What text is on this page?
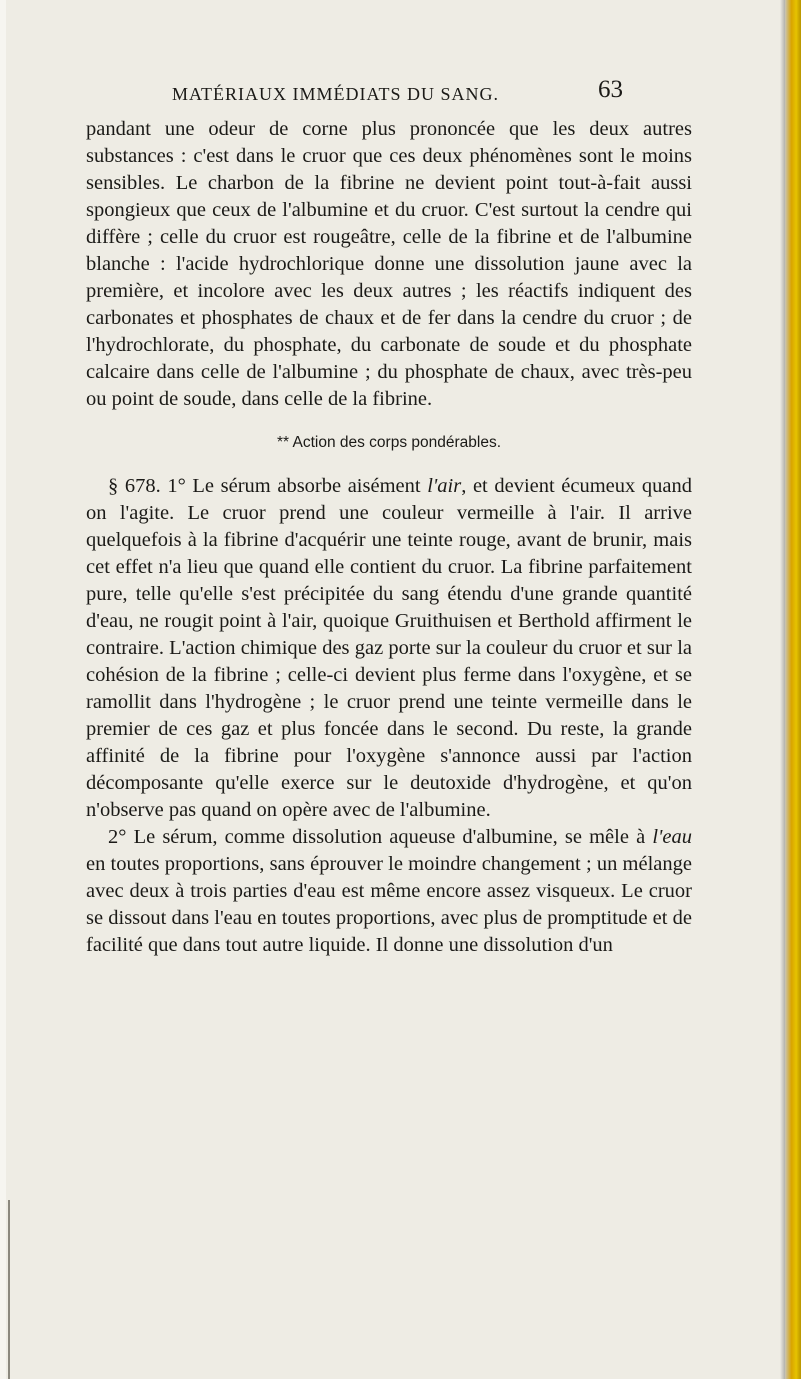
MATÉRIAUX IMMÉDIATS DU SANG.	63

pandant une odeur de corne plus prononcée que les deux autres substances : c'est dans le cruor que ces deux phénomènes sont le moins sensibles. Le charbon de la fibrine ne devient point tout-à-fait aussi spongieux que ceux de l'albumine et du cruor. C'est surtout la cendre qui diffère ; celle du cruor est rougeâtre, celle de la fibrine et de l'albumine blanche : l'acide hydrochlorique donne une dissolution jaune avec la première, et incolore avec les deux autres ; les réactifs indiquent des carbonates et phosphates de chaux et de fer dans la cendre du cruor ; de l'hydrochlorate, du phosphate, du carbonate de soude et du phosphate calcaire dans celle de l'albumine ; du phosphate de chaux, avec très-peu ou point de soude, dans celle de la fibrine.

** Action des corps pondérables.

§ 678. 1° Le sérum absorbe aisément l'air, et devient écumeux quand on l'agite. Le cruor prend une couleur vermeille à l'air. Il arrive quelquefois à la fibrine d'acquérir une teinte rouge, avant de brunir, mais cet effet n'a lieu que quand elle contient du cruor. La fibrine parfaitement pure, telle qu'elle s'est précipitée du sang étendu d'une grande quantité d'eau, ne rougit point à l'air, quoique Gruithuisen et Berthold affirment le contraire. L'action chimique des gaz porte sur la couleur du cruor et sur la cohésion de la fibrine ; celle-ci devient plus ferme dans l'oxygène, et se ramollit dans l'hydrogène ; le cruor prend une teinte vermeille dans le premier de ces gaz et plus foncée dans le second. Du reste, la grande affinité de la fibrine pour l'oxygène s'annonce aussi par l'action décomposante qu'elle exerce sur le deutoxide d'hydrogène, et qu'on n'observe pas quand on opère avec de l'albumine.

2° Le sérum, comme dissolution aqueuse d'albumine, se mêle à l'eau en toutes proportions, sans éprouver le moindre changement ; un mélange avec deux à trois parties d'eau est même encore assez visqueux. Le cruor se dissout dans l'eau en toutes proportions, avec plus de promptitude et de facilité que dans tout autre liquide. Il donne une dissolution d'un
